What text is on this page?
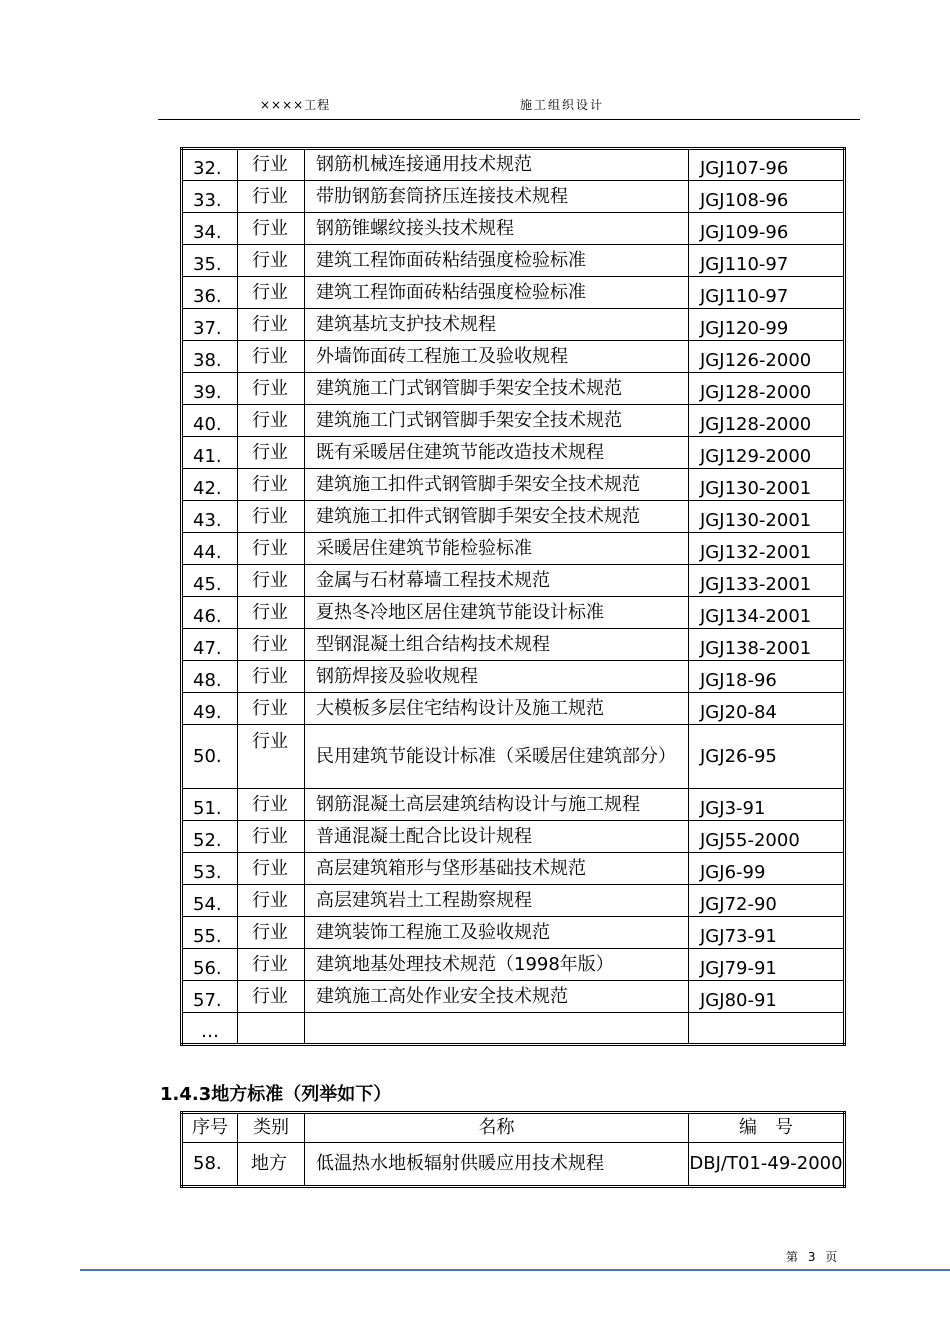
××××工程	施工组织设计
32.	行业	钢筋机械连接通用技术规范	JGJ107-96
33.	行业	带肋钢筋套筒挤压连接技术规程	JGJ108-96
34.	行业	钢筋锥螺纹接头技术规程	JGJ109-96
35.	行业	建筑工程饰面砖粘结强度检验标准	JGJ110-97
36.	行业	建筑工程饰面砖粘结强度检验标准	JGJ110-97
37.	行业	建筑基坑支护技术规程	JGJ120-99
38.	行业	外墙饰面砖工程施工及验收规程	JGJ126-2000
39.	行业	建筑施工门式钢管脚手架安全技术规范	JGJ128-2000
40.	行业	建筑施工门式钢管脚手架安全技术规范	JGJ128-2000
41.	行业	既有采暖居住建筑节能改造技术规程	JGJ129-2000
42.	行业	建筑施工扣件式钢管脚手架安全技术规范	JGJ130-2001
43.	行业	建筑施工扣件式钢管脚手架安全技术规范	JGJ130-2001
44.	行业	采暖居住建筑节能检验标准	JGJ132-2001
45.	行业	金属与石材幕墙工程技术规范	JGJ133-2001
46.	行业	夏热冬冷地区居住建筑节能设计标准	JGJ134-2001
47.	行业	型钢混凝土组合结构技术规程	JGJ138-2001
48.	行业	钢筋焊接及验收规程	JGJ18-96
49.	行业	大模板多层住宅结构设计及施工规范	JGJ20-84
50.	行业	民用建筑节能设计标准（采暖居住建筑部分）	JGJ26-95
51.	行业	钢筋混凝土高层建筑结构设计与施工规程	JGJ3-91
52.	行业	普通混凝土配合比设计规程	JGJ55-2000
53.	行业	高层建筑箱形与垡形基础技术规范	JGJ6-99
54.	行业	高层建筑岩土工程勘察规程	JGJ72-90
55.	行业	建筑装饰工程施工及验收规范	JGJ73-91
56.	行业	建筑地基处理技术规范（1998年版）	JGJ79-91
57.	行业	建筑施工高处作业安全技术规范	JGJ80-91
…			
1.4.3地方标准（列举如下）
序号	类别	名称	编　号
58.	地方	低温热水地板辐射供暖应用技术规程	DBJ/T01-49-2000
第 3 页
